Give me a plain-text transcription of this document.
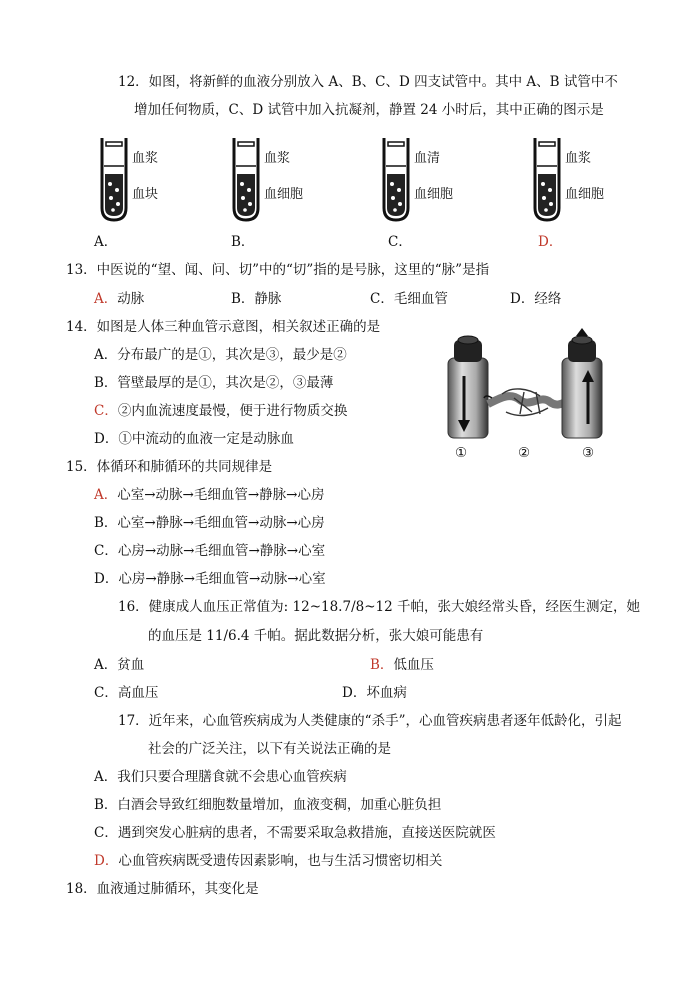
12．如图，将新鲜的血液分别放入 A、B、C、D 四支试管中。其中 A、B 试管中不
增加任何物质，C、D 试管中加入抗凝剂，静置 24 小时后，其中正确的图示是
血浆
血块
血浆
血细胞
血清
血细胞
血浆
血细胞
A．	B．	C．	D．
13．中医说的“望、闻、问、切”中的“切”指的是号脉，这里的“脉”是指
A．动脉	B．静脉	C．毛细血管	D．经络
14．如图是人体三种血管示意图，相关叙述正确的是
A．分布最广的是①，其次是③，最少是②
B．管壁最厚的是①，其次是②，③最薄
C．②内血流速度最慢，便于进行物质交换
D．①中流动的血液一定是动脉血
①	②	③
15．体循环和肺循环的共同规律是
A．心室→动脉→毛细血管→静脉→心房
B．心室→静脉→毛细血管→动脉→心房
C．心房→动脉→毛细血管→静脉→心室
D．心房→静脉→毛细血管→动脉→心室
16．健康成人血压正常值为: 12~18.7/8~12 千帕，张大娘经常头昏，经医生测定，她
的血压是 11/6.4 千帕。据此数据分析，张大娘可能患有
A．贫血	B．低血压
C．高血压	D．坏血病
17．近年来，心血管疾病成为人类健康的“杀手”，心血管疾病患者逐年低龄化，引起
社会的广泛关注，以下有关说法正确的是
A．我们只要合理膳食就不会患心血管疾病
B．白酒会导致红细胞数量增加，血液变稠，加重心脏负担
C．遇到突发心脏病的患者，不需要采取急救措施，直接送医院就医
D．心血管疾病既受遗传因素影响，也与生活习惯密切相关
18．血液通过肺循环，其变化是
